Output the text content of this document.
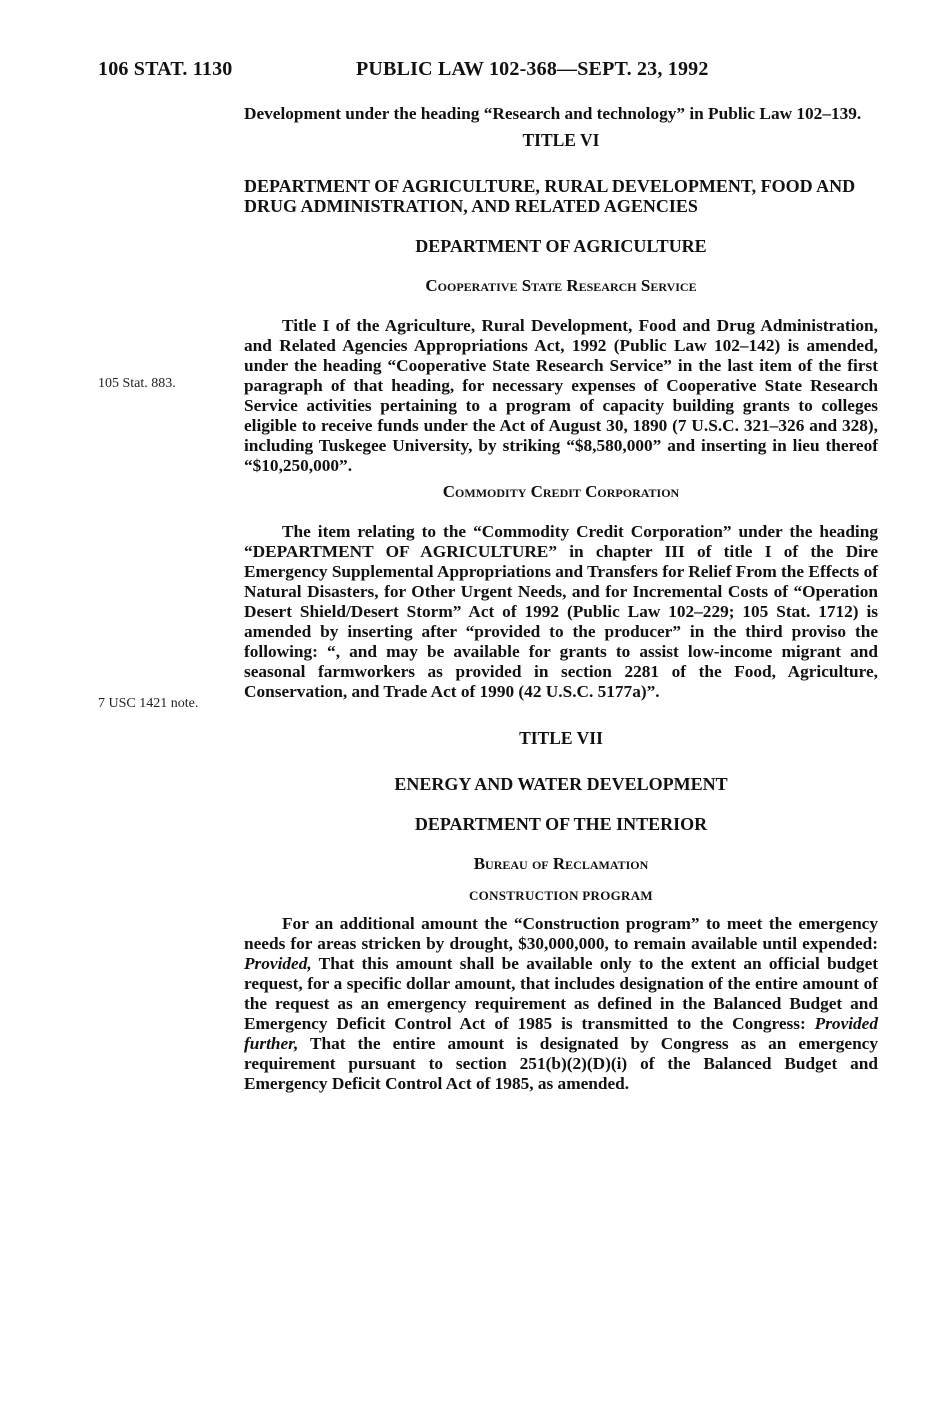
106 STAT. 1130	PUBLIC LAW 102-368—SEPT. 23, 1992
105 Stat. 883.
7 USC 1421 note.

Development under the heading “Research and technology” in Public Law 102–139.

TITLE VI

DEPARTMENT OF AGRICULTURE, RURAL DEVELOPMENT, FOOD AND DRUG ADMINISTRATION, AND RELATED AGENCIES

DEPARTMENT OF AGRICULTURE

Cooperative State Research Service

Title I of the Agriculture, Rural Development, Food and Drug Administration, and Related Agencies Appropriations Act, 1992 (Public Law 102–142) is amended, under the heading “Cooperative State Research Service” in the last item of the first paragraph of that heading, for necessary expenses of Cooperative State Research Service activities pertaining to a program of capacity building grants to colleges eligible to receive funds under the Act of August 30, 1890 (7 U.S.C. 321–326 and 328), including Tuskegee University, by striking “$8,580,000” and inserting in lieu thereof “$10,250,000”.

Commodity Credit Corporation

The item relating to the “Commodity Credit Corporation” under the heading “DEPARTMENT OF AGRICULTURE” in chapter III of title I of the Dire Emergency Supplemental Appropriations and Transfers for Relief From the Effects of Natural Disasters, for Other Urgent Needs, and for Incremental Costs of “Operation Desert Shield/Desert Storm” Act of 1992 (Public Law 102–229; 105 Stat. 1712) is amended by inserting after “provided to the producer” in the third proviso the following: “, and may be available for grants to assist low-income migrant and seasonal farmworkers as provided in section 2281 of the Food, Agriculture, Conservation, and Trade Act of 1990 (42 U.S.C. 5177a)”.

TITLE VII

ENERGY AND WATER DEVELOPMENT

DEPARTMENT OF THE INTERIOR

Bureau of Reclamation

CONSTRUCTION PROGRAM

For an additional amount the “Construction program” to meet the emergency needs for areas stricken by drought, $30,000,000, to remain available until expended: Provided, That this amount shall be available only to the extent an official budget request, for a specific dollar amount, that includes designation of the entire amount of the request as an emergency requirement as defined in the Balanced Budget and Emergency Deficit Control Act of 1985 is transmitted to the Congress: Provided further, That the entire amount is designated by Congress as an emergency requirement pursuant to section 251(b)(2)(D)(i) of the Balanced Budget and Emergency Deficit Control Act of 1985, as amended.
